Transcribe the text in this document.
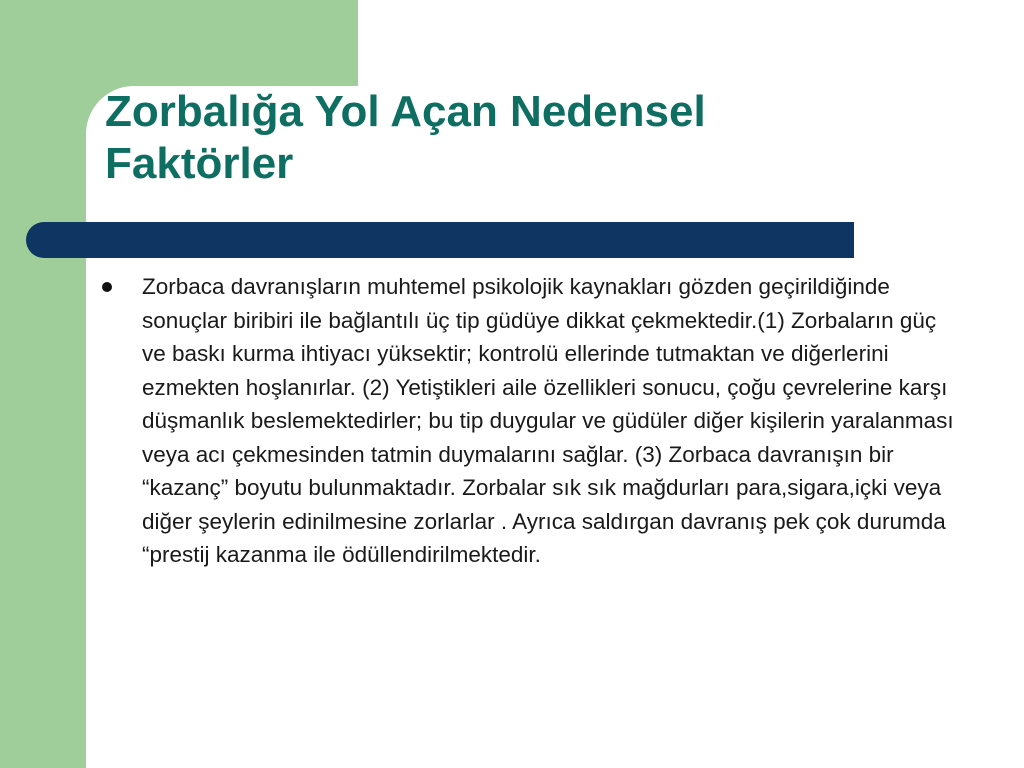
Zorbalığa Yol Açan Nedensel
Faktörler

Zorbaca davranışların muhtemel psikolojik kaynakları gözden geçirildiğinde sonuçlar biribiri ile bağlantılı üç tip güdüye dikkat çekmektedir.(1) Zorbaların güç ve baskı kurma ihtiyacı yüksektir; kontrolü ellerinde tutmaktan ve diğerlerini ezmekten hoşlanırlar. (2) Yetiştikleri aile özellikleri sonucu, çoğu çevrelerine karşı düşmanlık beslemektedirler; bu tip duygular ve güdüler diğer kişilerin yaralanması veya acı çekmesinden tatmin duymalarını sağlar. (3) Zorbaca davranışın bir “kazanç” boyutu bulunmaktadır. Zorbalar sık sık mağdurları para,sigara,içki veya diğer şeylerin edinilmesine zorlarlar . Ayrıca saldırgan davranış pek çok durumda “prestij kazanma ile ödüllendirilmektedir.
